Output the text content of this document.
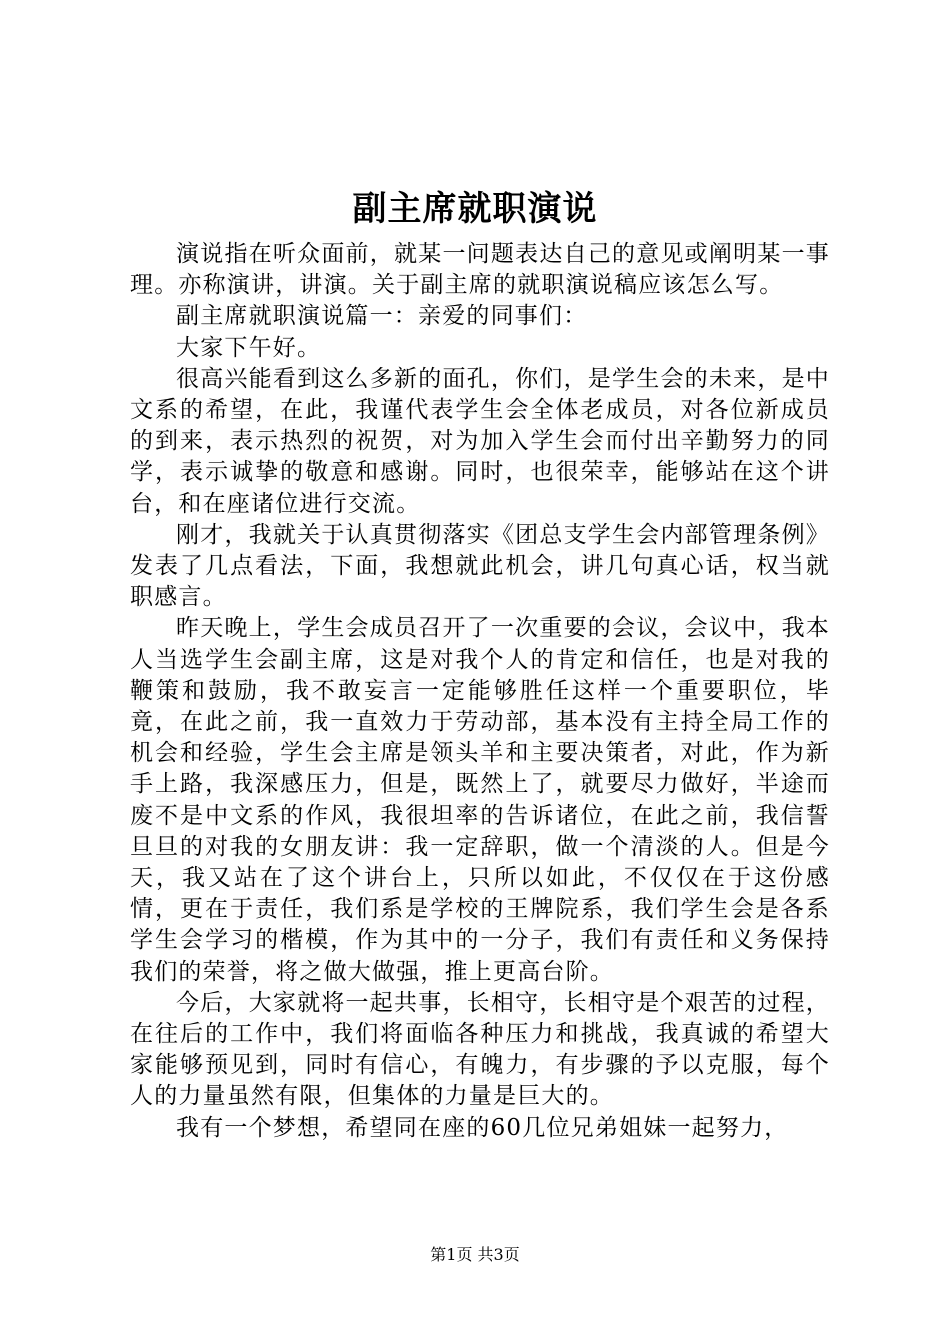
副主席就职演说

演说指在听众面前，就某一问题表达自己的意见或阐明某一事理。亦称演讲，讲演。关于副主席的就职演说稿应该怎么写。

副主席就职演说篇一：亲爱的同事们：

大家下午好。

很高兴能看到这么多新的面孔，你们，是学生会的未来，是中文系的希望，在此，我谨代表学生会全体老成员，对各位新成员的到来，表示热烈的祝贺，对为加入学生会而付出辛勤努力的同学，表示诚挚的敬意和感谢。同时，也很荣幸，能够站在这个讲台，和在座诸位进行交流。

刚才，我就关于认真贯彻落实《团总支学生会内部管理条例》发表了几点看法，下面，我想就此机会，讲几句真心话，权当就职感言。

昨天晚上，学生会成员召开了一次重要的会议，会议中，我本人当选学生会副主席，这是对我个人的肯定和信任，也是对我的鞭策和鼓励，我不敢妄言一定能够胜任这样一个重要职位，毕竟，在此之前，我一直效力于劳动部，基本没有主持全局工作的机会和经验，学生会主席是领头羊和主要决策者，对此，作为新手上路，我深感压力，但是，既然上了，就要尽力做好，半途而废不是中文系的作风，我很坦率的告诉诸位，在此之前，我信誓旦旦的对我的女朋友讲：我一定辞职，做一个清淡的人。但是今天，我又站在了这个讲台上，只所以如此，不仅仅在于这份感情，更在于责任，我们系是学校的王牌院系，我们学生会是各系学生会学习的楷模，作为其中的一分子，我们有责任和义务保持我们的荣誉，将之做大做强，推上更高台阶。

今后，大家就将一起共事，长相守，长相守是个艰苦的过程，在往后的工作中，我们将面临各种压力和挑战，我真诚的希望大家能够预见到，同时有信心，有魄力，有步骤的予以克服，每个人的力量虽然有限，但集体的力量是巨大的。

我有一个梦想，希望同在座的60几位兄弟姐妹一起努力，

第1页 共3页
